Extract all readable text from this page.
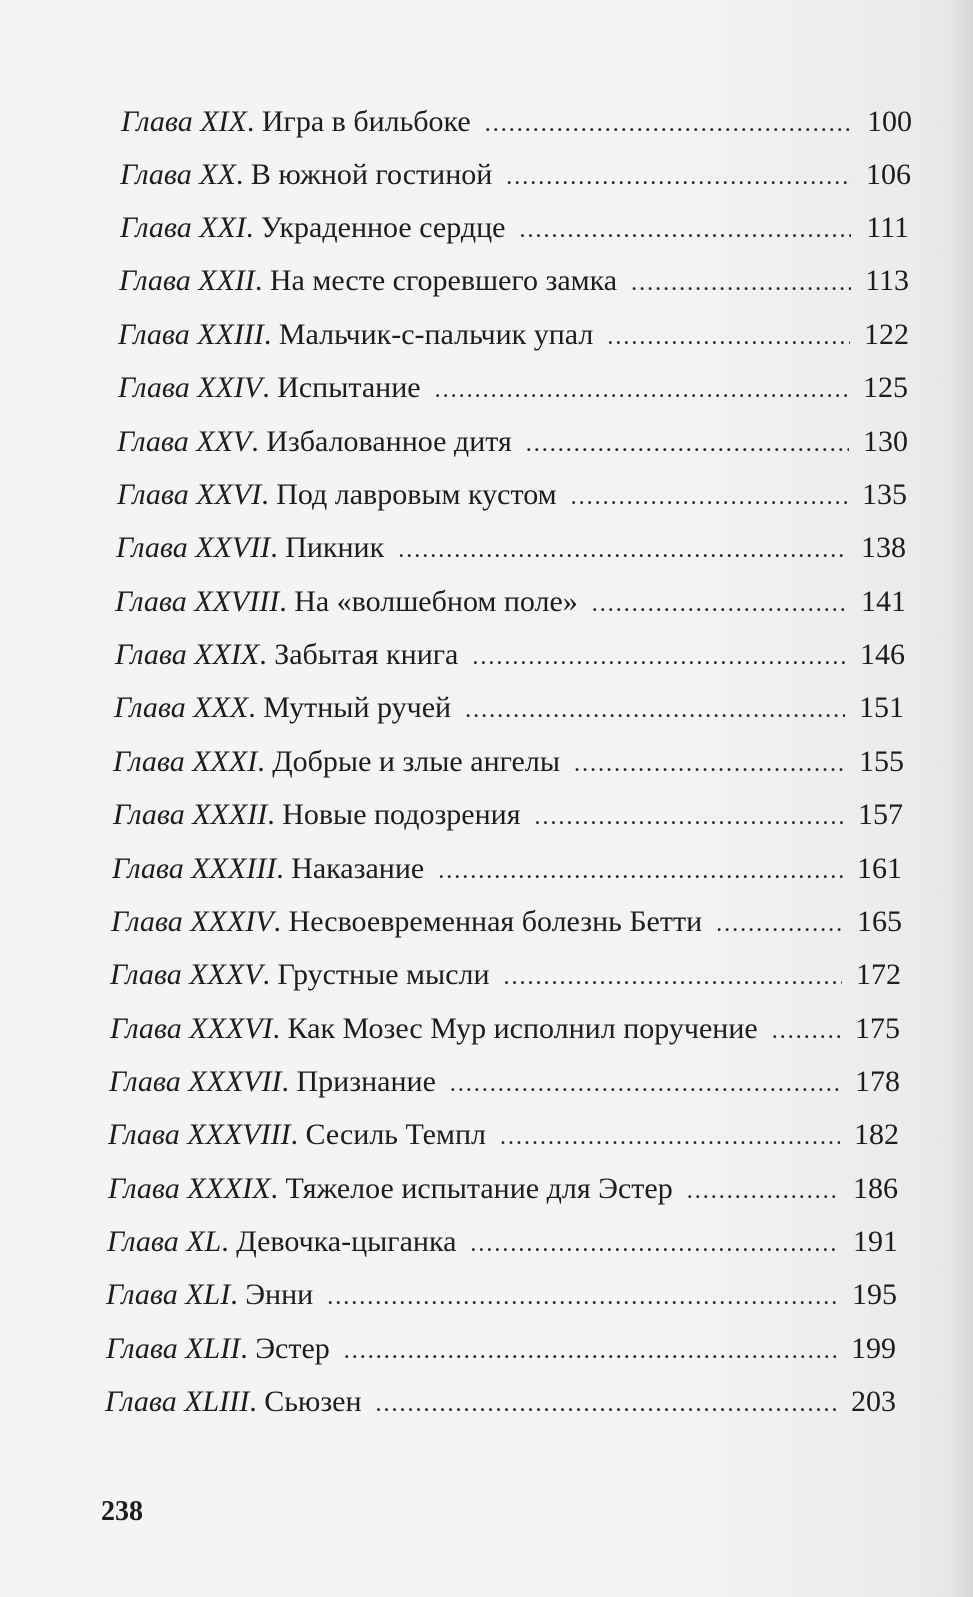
Глава XIX . Игра в бильбоке .....	100
Глава XX . В южной гостиной .....	106
Глава XXI . Украденное сердце .....	111
Глава XXII . На месте сгоревшего замка .....	113
Глава XXIII . Мальчик-с-пальчик упал .....	122
Глава XXIV . Испытание .....	125
Глава XXV . Избалованное дитя .....	130
Глава XXVI . Под лавровым кустом .....	135
Глава XXVII . Пикник .....	138
Глава XXVIII . На «волшебном поле» .....	141
Глава XXIX . Забытая книга .....	146
Глава XXX . Мутный ручей .....	151
Глава XXXI . Добрые и злые ангелы .....	155
Глава XXXII . Новые подозрения .....	157
Глава XXXIII . Наказание .....	161
Глава XXXIV . Несвоевременная болезнь Бетти .....	165
Глава XXXV . Грустные мысли .....	172
Глава XXXVI . Как Мозес Мур исполнил поручение .....	175
Глава XXXVII . Признание .....	178
Глава XXXVIII . Сесиль Темпл .....	182
Глава XXXIX . Тяжелое испытание для Эстер .....	186
Глава XL . Девочка-цыганка .....	191
Глава XLI . Энни .....	195
Глава XLII . Эстер .....	199
Глава XLIII . Сьюзен .....	203
238
